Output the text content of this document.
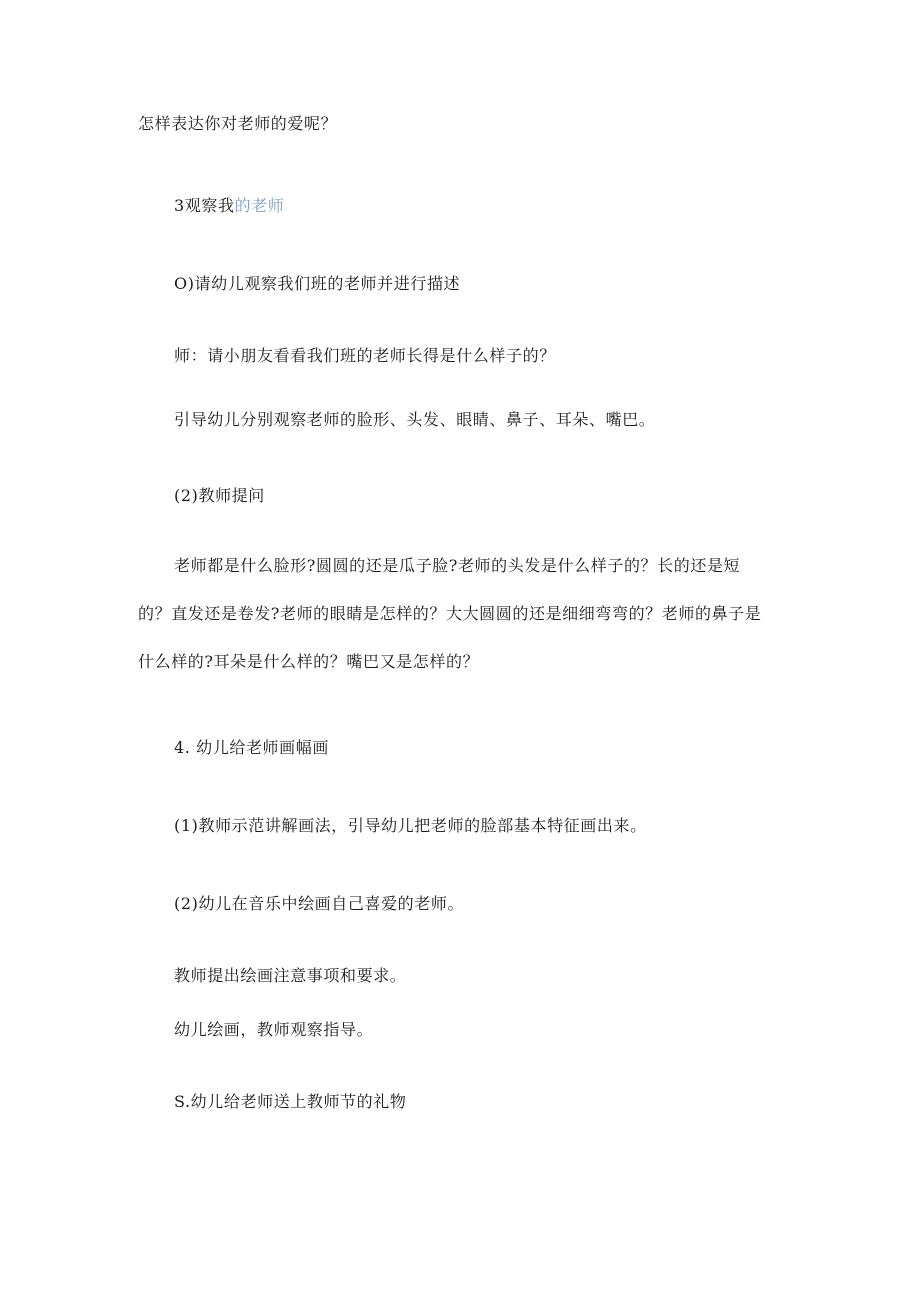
怎样表达你对老师的爱呢？

3观察我的老师

O)请幼儿观察我们班的老师并进行描述

师：请小朋友看看我们班的老师长得是什么样子的？

引导幼儿分别观察老师的脸形、头发、眼睛、鼻子、耳朵、嘴巴。

(2)教师提问

老师都是什么脸形?圆圆的还是瓜子脸?老师的头发是什么样子的？长的还是短

的？直发还是卷发?老师的眼睛是怎样的？大大圆圆的还是细细弯弯的？老师的鼻子是

什么样的?耳朵是什么样的？嘴巴又是怎样的？

4. 幼儿给老师画幅画

(1)教师示范讲解画法，引导幼儿把老师的脸部基本特征画出来。

(2)幼儿在音乐中绘画自己喜爱的老师。

教师提出绘画注意事项和要求。

幼儿绘画，教师观察指导。

S.幼儿给老师送上教师节的礼物
